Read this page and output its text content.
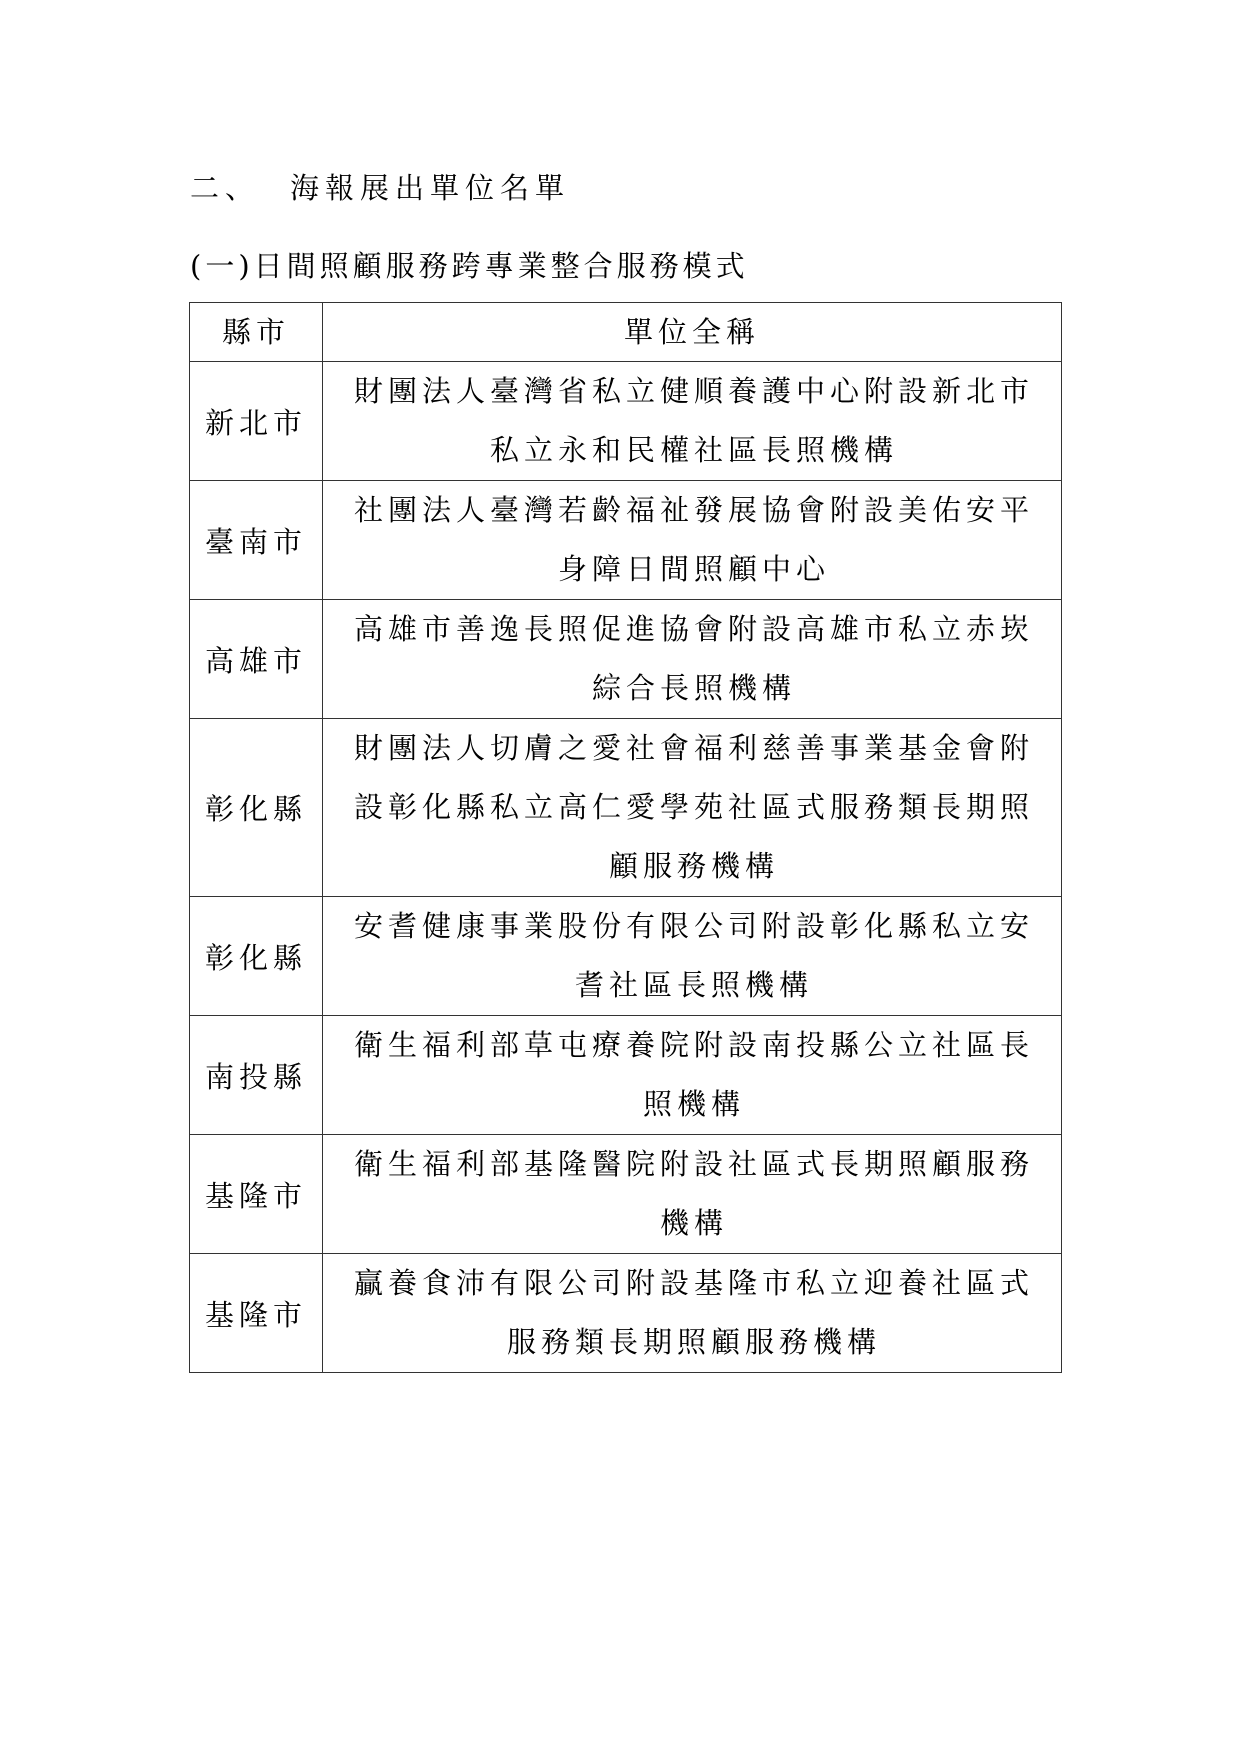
二、 海報展出單位名單
(一)日間照顧服務跨專業整合服務模式
縣市	單位全稱
新北市	財團法人臺灣省私立健順養護中心附設新北市私立永和民權社區長照機構
臺南市	社團法人臺灣若齡福祉發展協會附設美佑安平身障日間照顧中心
高雄市	高雄市善逸長照促進協會附設高雄市私立赤崁綜合長照機構
彰化縣	財團法人切膚之愛社會福利慈善事業基金會附設彰化縣私立高仁愛學苑社區式服務類長期照顧服務機構
彰化縣	安耆健康事業股份有限公司附設彰化縣私立安耆社區長照機構
南投縣	衛生福利部草屯療養院附設南投縣公立社區長照機構
基隆市	衛生福利部基隆醫院附設社區式長期照顧服務機構
基隆市	贏養食沛有限公司附設基隆市私立迎養社區式服務類長期照顧服務機構
